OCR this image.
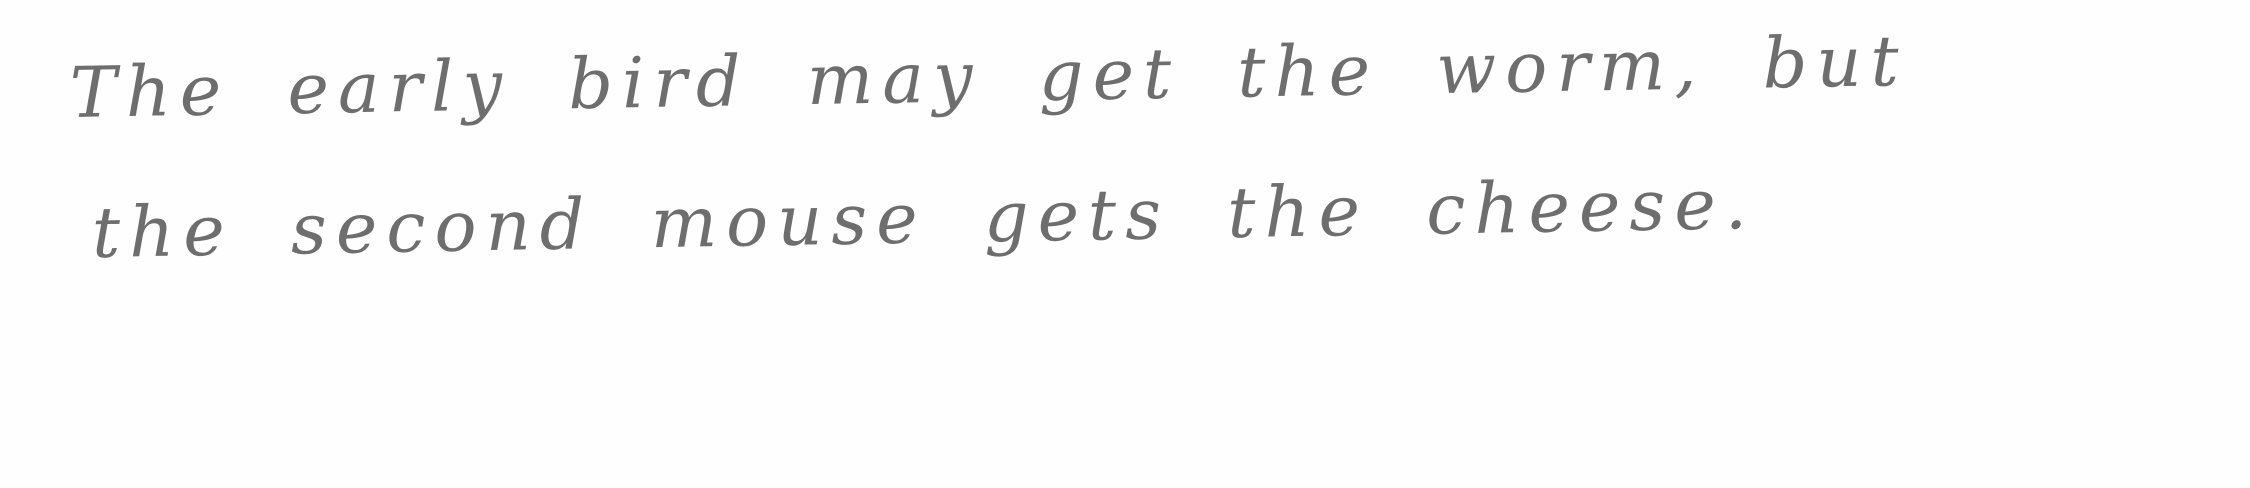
The early bird may get the worm, but
the second mouse gets the cheese.
